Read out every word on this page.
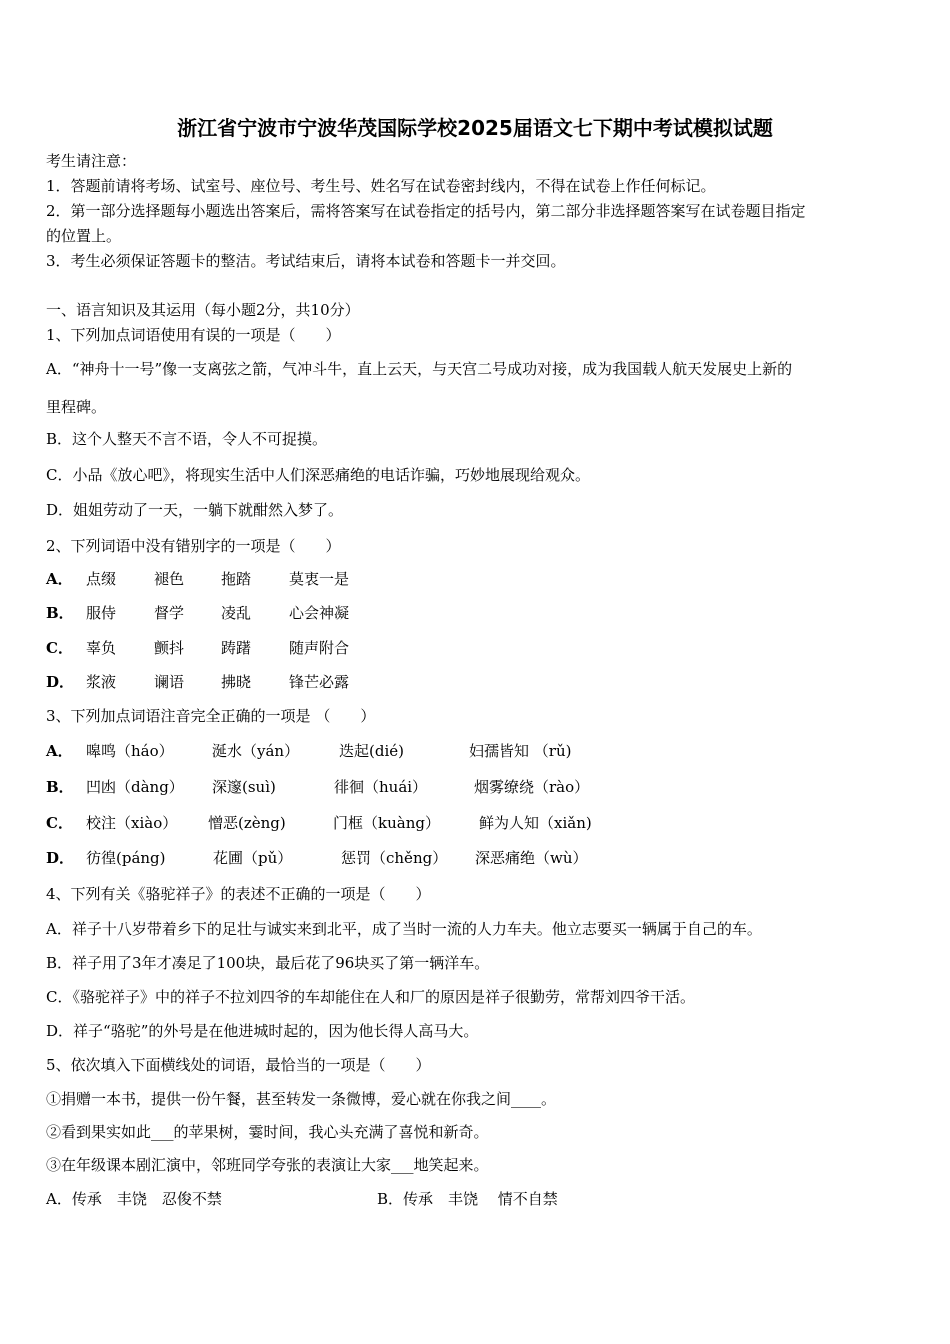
浙江省宁波市宁波华茂国际学校2025届语文七下期中考试模拟试题
考生请注意：
1．答题前请将考场、试室号、座位号、考生号、姓名写在试卷密封线内，不得在试卷上作任何标记。
2．第一部分选择题每小题选出答案后，需将答案写在试卷指定的括号内，第二部分非选择题答案写在试卷题目指定
的位置上。
3．考生必须保证答题卡的整洁。考试结束后，请将本试卷和答题卡一并交回。
一、语言知识及其运用（每小题2分，共10分）
1、下列加点词语使用有误的一项是（　　）
A．“神舟十一号”像一支离弦之箭，气冲斗牛，直上云天，与天宫二号成功对接，成为我国载人航天发展史上新的
里程碑。
B．这个人整天不言不语，令人不可捉摸。
C．小品《放心吧》，将现实生活中人们深恶痛绝的电话诈骗，巧妙地展现给观众。
D．姐姐劳动了一天，一躺下就酣然入梦了。
2、下列词语中没有错别字的一项是（　　）
A． 点缀	褪色 拖踏	莫衷一是
B． 服侍	督学 凌乱	心会神凝
C． 辜负	颤抖 踌躇	随声附合
D． 浆液	谰语 拂晓	锋芒必露
3、下列加点词语注音完全正确的一项是 （　　）
A． 嗥鸣（háo）	涎水（yán）	迭起(dié)	妇孺皆知 （rǔ)
B． 凹凼（dàng） 深邃(suì)	徘徊（huái）	烟雾缭绕（rào）
C． 校注（xiào） 憎恶(zèng)	门框（kuàng）	鲜为人知（xiǎn)
D． 彷徨(páng)	花圃（pǔ）	惩罚（chěng） 深恶痛绝（wù）
4、下列有关《骆驼祥子》的表述不正确的一项是（　　）
A．祥子十八岁带着乡下的足壮与诚实来到北平，成了当时一流的人力车夫。他立志要买一辆属于自己的车。
B．祥子用了3年才凑足了100块，最后花了96块买了第一辆洋车。
C．《骆驼祥子》中的祥子不拉刘四爷的车却能住在人和厂的原因是祥子很勤劳，常帮刘四爷干活。
D．祥子“骆驼”的外号是在他进城时起的，因为他长得人高马大。
5、依次填入下面横线处的词语，最恰当的一项是（　　）
①捐赠一本书，提供一份午餐，甚至转发一条微博，爱心就在你我之间____。
②看到果实如此___的苹果树，霎时间，我心头充满了喜悦和新奇。
③在年级课本剧汇演中，邻班同学夸张的表演让大家___地笑起来。
A．传承　丰饶　忍俊不禁	B．传承　丰饶　 情不自禁
